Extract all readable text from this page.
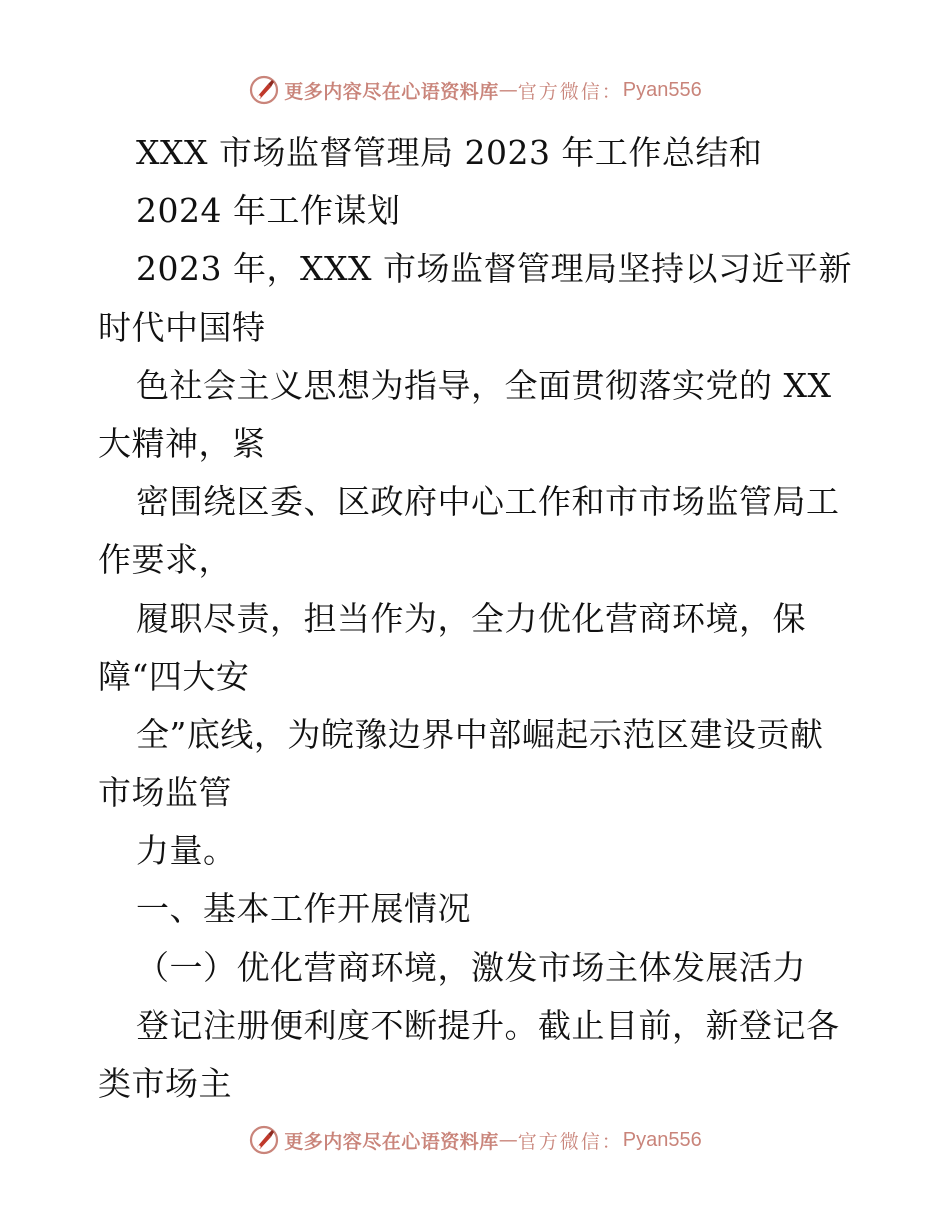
更多内容尽在心语资料库 — 官方微信： Pyan556
XXX 市场监督管理局 2023 年工作总结和
2024 年工作谋划
2023 年，XXX 市场监督管理局坚持以习近平新
时代中国特
色社会主义思想为指导，全面贯彻落实党的 XX
大精神，紧
密围绕区委、区政府中心工作和市市场监管局工
作要求，
履职尽责，担当作为，全力优化营商环境，保
障“四大安
全”底线，为皖豫边界中部崛起示范区建设贡献
市场监管
力量。
一、基本工作开展情况
（一）优化营商环境，激发市场主体发展活力
登记注册便利度不断提升。截止目前，新登记各
类市场主
更多内容尽在心语资料库 — 官方微信： Pyan556
